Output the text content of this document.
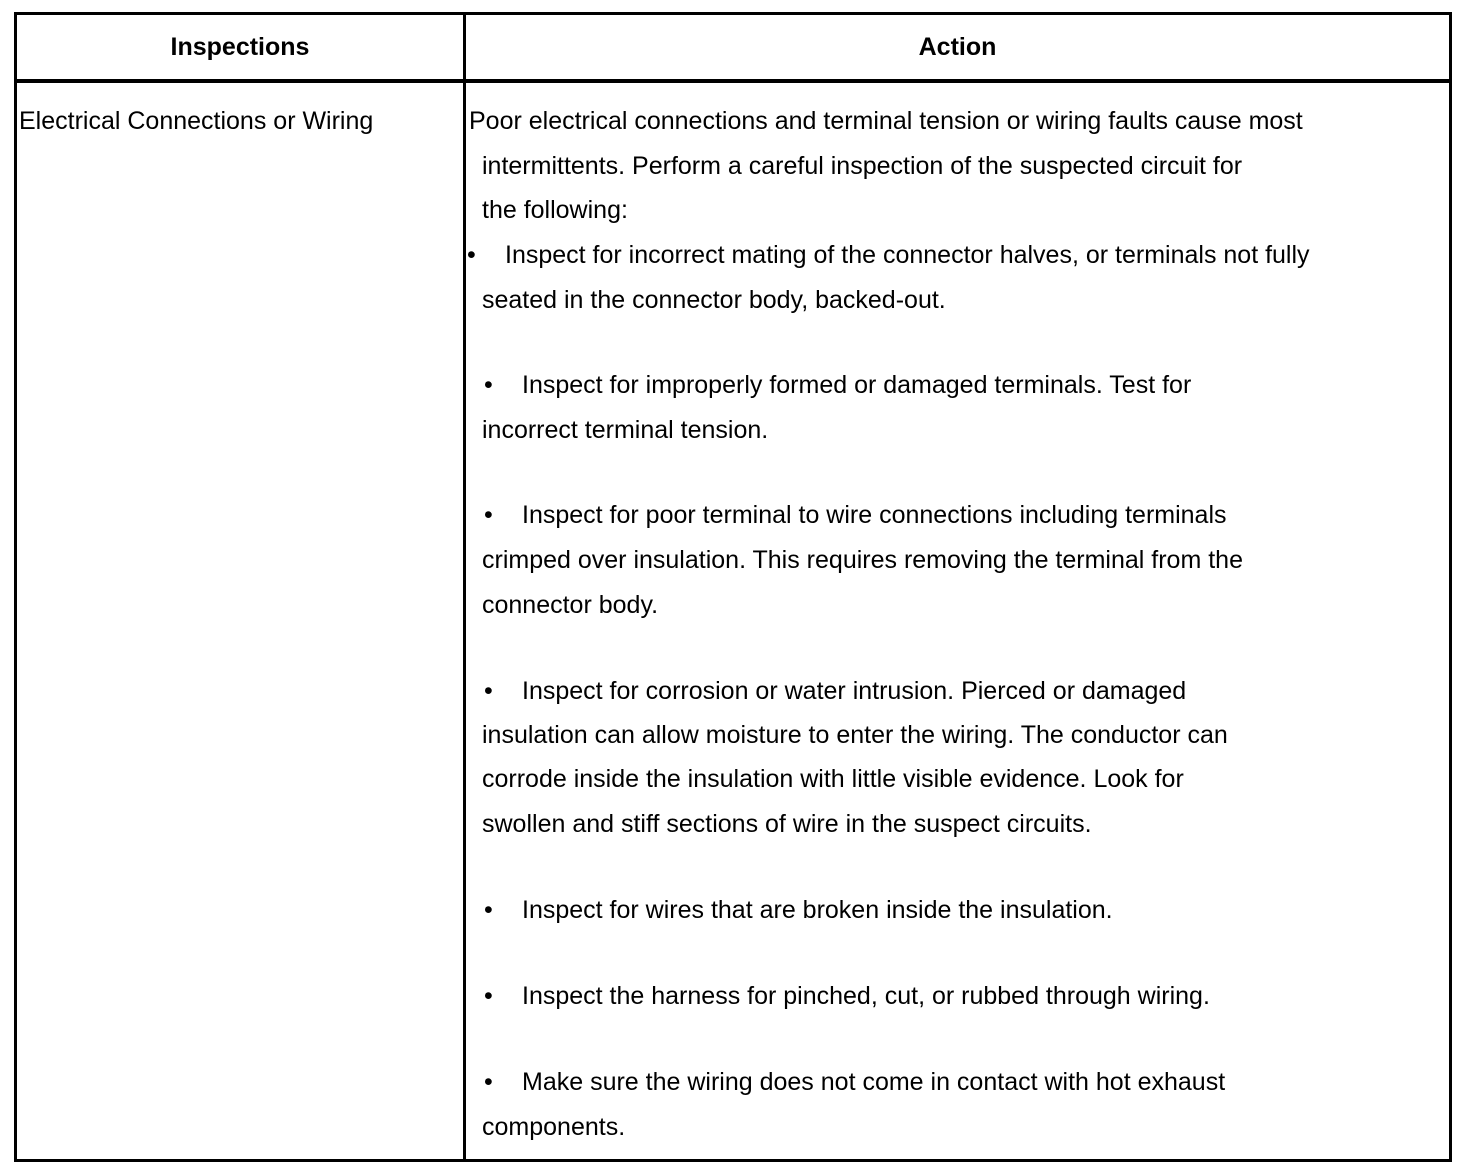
Inspections	Action
Electrical Connections or Wiring	Poor electrical connections and terminal tension or wiring faults cause most
intermittents. Perform a careful inspection of the suspected circuit for
the following:
• Inspect for incorrect mating of the connector halves, or terminals not fully
seated in the connector body, backed-out.
• Inspect for improperly formed or damaged terminals. Test for
incorrect terminal tension.
• Inspect for poor terminal to wire connections including terminals
crimped over insulation. This requires removing the terminal from the
connector body.
• Inspect for corrosion or water intrusion. Pierced or damaged
insulation can allow moisture to enter the wiring. The conductor can
corrode inside the insulation with little visible evidence. Look for
swollen and stiff sections of wire in the suspect circuits.
• Inspect for wires that are broken inside the insulation.
• Inspect the harness for pinched, cut, or rubbed through wiring.
• Make sure the wiring does not come in contact with hot exhaust
components.
